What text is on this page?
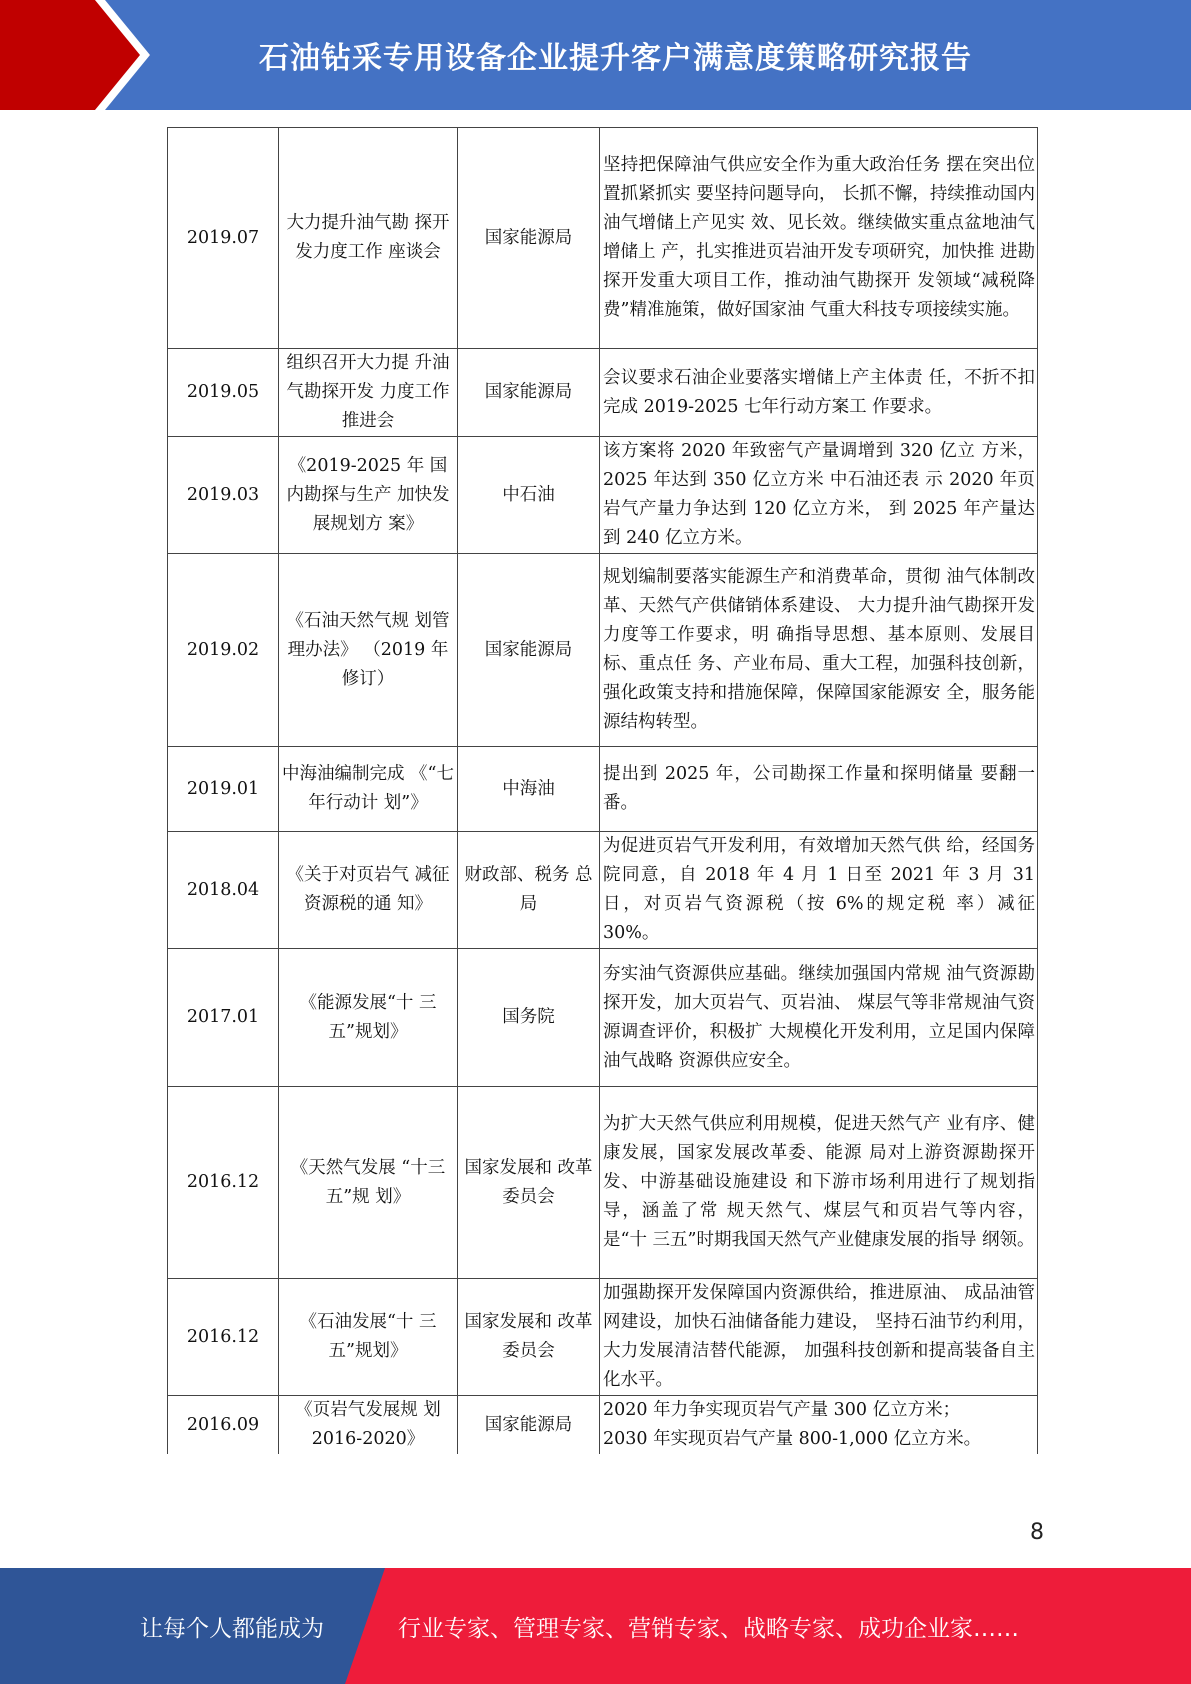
石油钻采专用设备企业提升客户满意度策略研究报告
2019.07	大力提升油气勘 探开发力度工作 座谈会	国家能源局	坚持把保障油气供应安全作为重大政治任务 摆在突出位置抓紧抓实 要坚持问题导向， 长抓不懈，持续推动国内油气增储上产见实 效、见长效。继续做实重点盆地油气增储上 产，扎实推进页岩油开发专项研究，加快推 进勘探开发重大项目工作，推动油气勘探开 发领域“减税降费”精准施策，做好国家油 气重大科技专项接续实施。
2019.05	组织召开大力提 升油气勘探开发 力度工作推进会	国家能源局	会议要求石油企业要落实增储上产主体责 任，不折不扣完成 2019-2025 七年行动方案工 作要求。
2019.03	《2019-2025 年 国内勘探与生产 加快发展规划方 案》	中石油	该方案将 2020 年致密气产量调增到 320 亿立 方米，2025 年达到 350 亿立方米 中石油还表 示 2020 年页岩气产量力争达到 120 亿立方米， 到 2025 年产量达到 240 亿立方米。
2019.02	《石油天然气规 划管理办法》 （2019 年修订）	国家能源局	规划编制要落实能源生产和消费革命，贯彻 油气体制改革、天然气产供储销体系建设、 大力提升油气勘探开发力度等工作要求，明 确指导思想、基本原则、发展目标、重点任 务、产业布局、重大工程，加强科技创新， 强化政策支持和措施保障，保障国家能源安 全，服务能源结构转型。
2019.01	中海油编制完成 《“七年行动计 划”》	中海油	提出到 2025 年，公司勘探工作量和探明储量 要翻一番。
2018.04	《关于对页岩气 减征资源税的通 知》	财政部、税务 总局	为促进页岩气开发利用，有效增加天然气供 给，经国务院同意，自 2018 年 4 月 1 日至 2021 年 3 月 31 日，对页岩气资源税（按 6%的规定税 率）减征 30%。
2017.01	《能源发展“十 三五”规划》	国务院	夯实油气资源供应基础。继续加强国内常规 油气资源勘探开发，加大页岩气、页岩油、 煤层气等非常规油气资源调查评价，积极扩 大规模化开发利用，立足国内保障油气战略 资源供应安全。
2016.12	《天然气发展 “十三五”规 划》	国家发展和 改革委员会	为扩大天然气供应利用规模，促进天然气产 业有序、健康发展，国家发展改革委、能源 局对上游资源勘探开发、中游基础设施建设 和下游市场利用进行了规划指导，涵盖了常 规天然气、煤层气和页岩气等内容，是“十 三五”时期我国天然气产业健康发展的指导 纲领。
2016.12	《石油发展“十 三五”规划》	国家发展和 改革委员会	加强勘探开发保障国内资源供给，推进原油、 成品油管网建设，加快石油储备能力建设， 坚持石油节约利用，大力发展清洁替代能源， 加强科技创新和提高装备自主化水平。
2016.09	《页岩气发展规 划 2016-2020》	国家能源局	2020 年力争实现页岩气产量 300 亿立方米；
2030 年实现页岩气产量 800-1,000 亿立方米。
8
让每个人都能成为	行业专家、管理专家、营销专家、战略专家、成功企业家……
